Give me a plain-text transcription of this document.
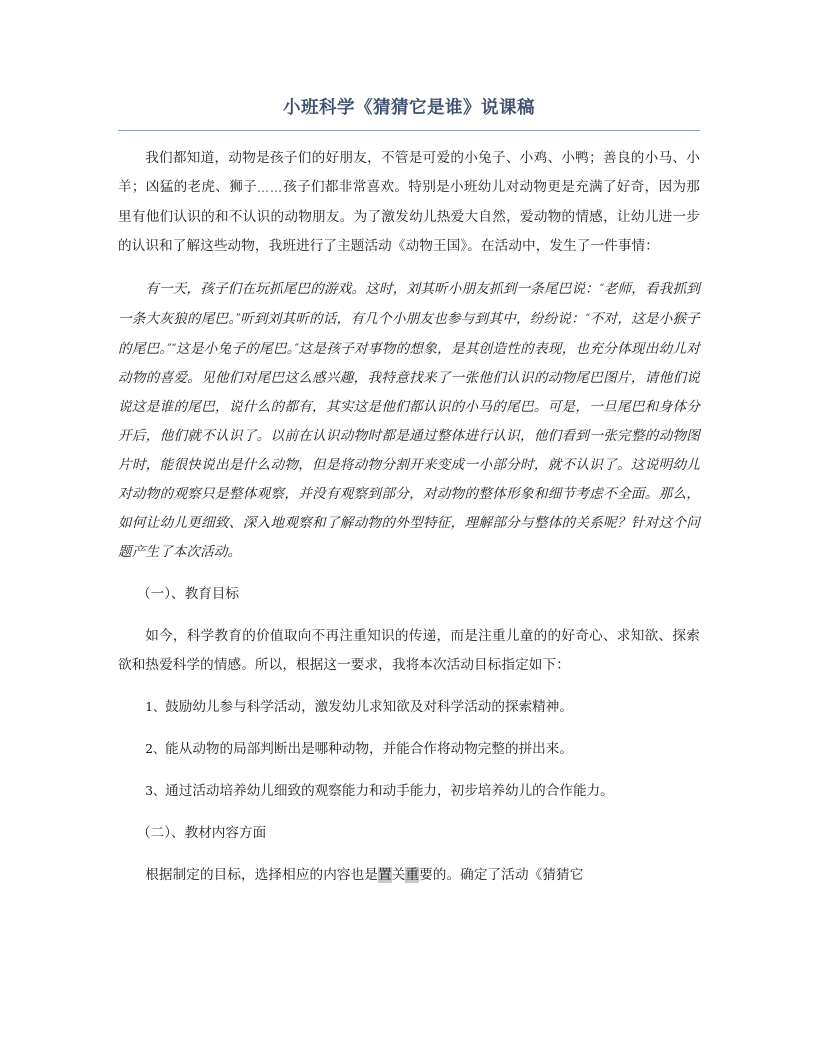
小班科学《猜猜它是谁》说课稿

我们都知道，动物是孩子们的好朋友，不管是可爱的小兔子、小鸡、小鸭；善良的小马、小羊；凶猛的老虎、狮子……孩子们都非常喜欢。特别是小班幼儿对动物更是充满了好奇，因为那里有他们认识的和不认识的动物朋友。为了激发幼儿热爱大自然，爱动物的情感，让幼儿进一步的认识和了解这些动物，我班进行了主题活动《动物王国》。在活动中，发生了一件事情：

有一天，孩子们在玩抓尾巴的游戏。这时，刘其昕小朋友抓到一条尾巴说：“老师，看我抓到一条大灰狼的尾巴。”听到刘其昕的话，有几个小朋友也参与到其中，纷纷说：“不对，这是小猴子的尾巴。”“这是小兔子的尾巴。”这是孩子对事物的想象，是其创造性的表现，也充分体现出幼儿对动物的喜爱。见他们对尾巴这么感兴趣，我特意找来了一张他们认识的动物尾巴图片，请他们说说这是谁的尾巴，说什么的都有，其实这是他们都认识的小马的尾巴。可是，一旦尾巴和身体分开后，他们就不认识了。以前在认识动物时都是通过整体进行认识，他们看到一张完整的动物图片时，能很快说出是什么动物，但是将动物分割开来变成一小部分时，就不认识了。这说明幼儿对动物的观察只是整体观察，并没有观察到部分，对动物的整体形象和细节考虑不全面。那么，如何让幼儿更细致、深入地观察和了解动物的外型特征，理解部分与整体的关系呢？针对这个问题产生了本次活动。

（一）、教育目标

如今，科学教育的价值取向不再注重知识的传递，而是注重儿童的的好奇心、求知欲、探索欲和热爱科学的情感。所以，根据这一要求，我将本次活动目标指定如下：

1、鼓励幼儿参与科学活动，激发幼儿求知欲及对科学活动的探索精神。

2、能从动物的局部判断出是哪种动物，并能合作将动物完整的拼出来。

3、通过活动培养幼儿细致的观察能力和动手能力，初步培养幼儿的合作能力。

（二）、教材内容方面

根据制定的目标，选择相应的内容也是置关重要的。确定了活动《猜猜它
